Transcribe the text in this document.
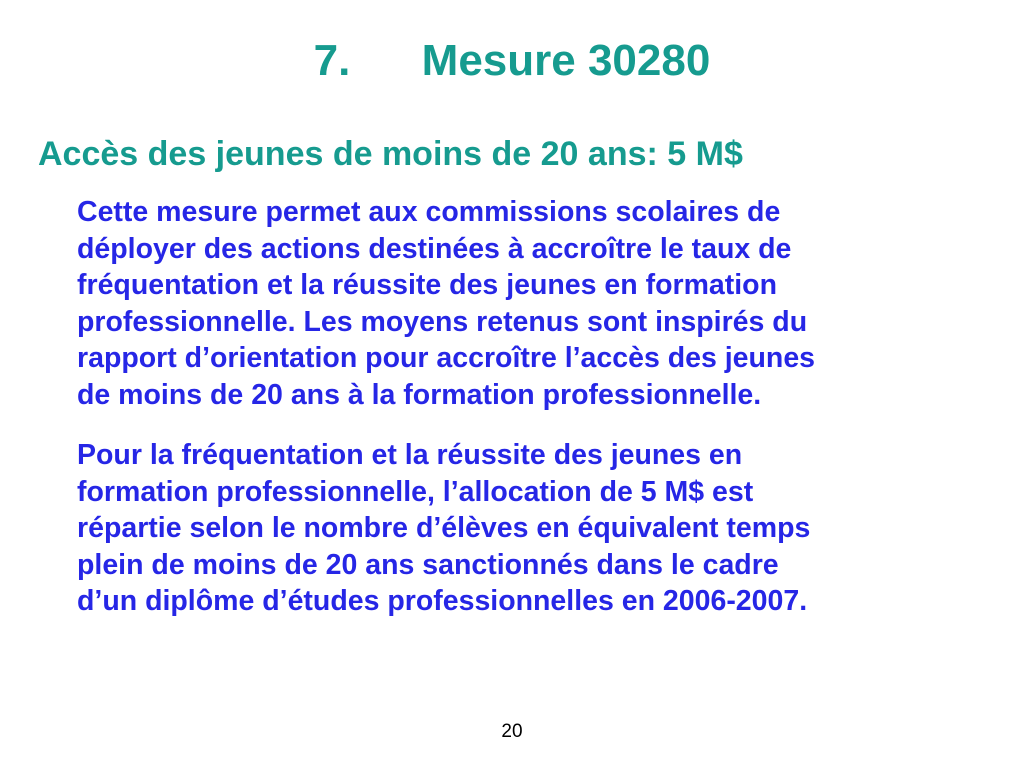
7. Mesure 30280
Accès des jeunes de moins de 20 ans: 5 M$

Cette mesure permet aux commissions scolaires de
déployer des actions destinées à accroître le taux de
fréquentation et la réussite des jeunes en formation
professionnelle. Les moyens retenus sont inspirés du
rapport d’orientation pour accroître l’accès des jeunes
de moins de 20 ans à la formation professionnelle.

Pour la fréquentation et la réussite des jeunes en
formation professionnelle, l’allocation de 5 M$ est
répartie selon le nombre d’élèves en équivalent temps
plein de moins de 20 ans sanctionnés dans le cadre
d’un diplôme d’études professionnelles en 2006-2007.

20
